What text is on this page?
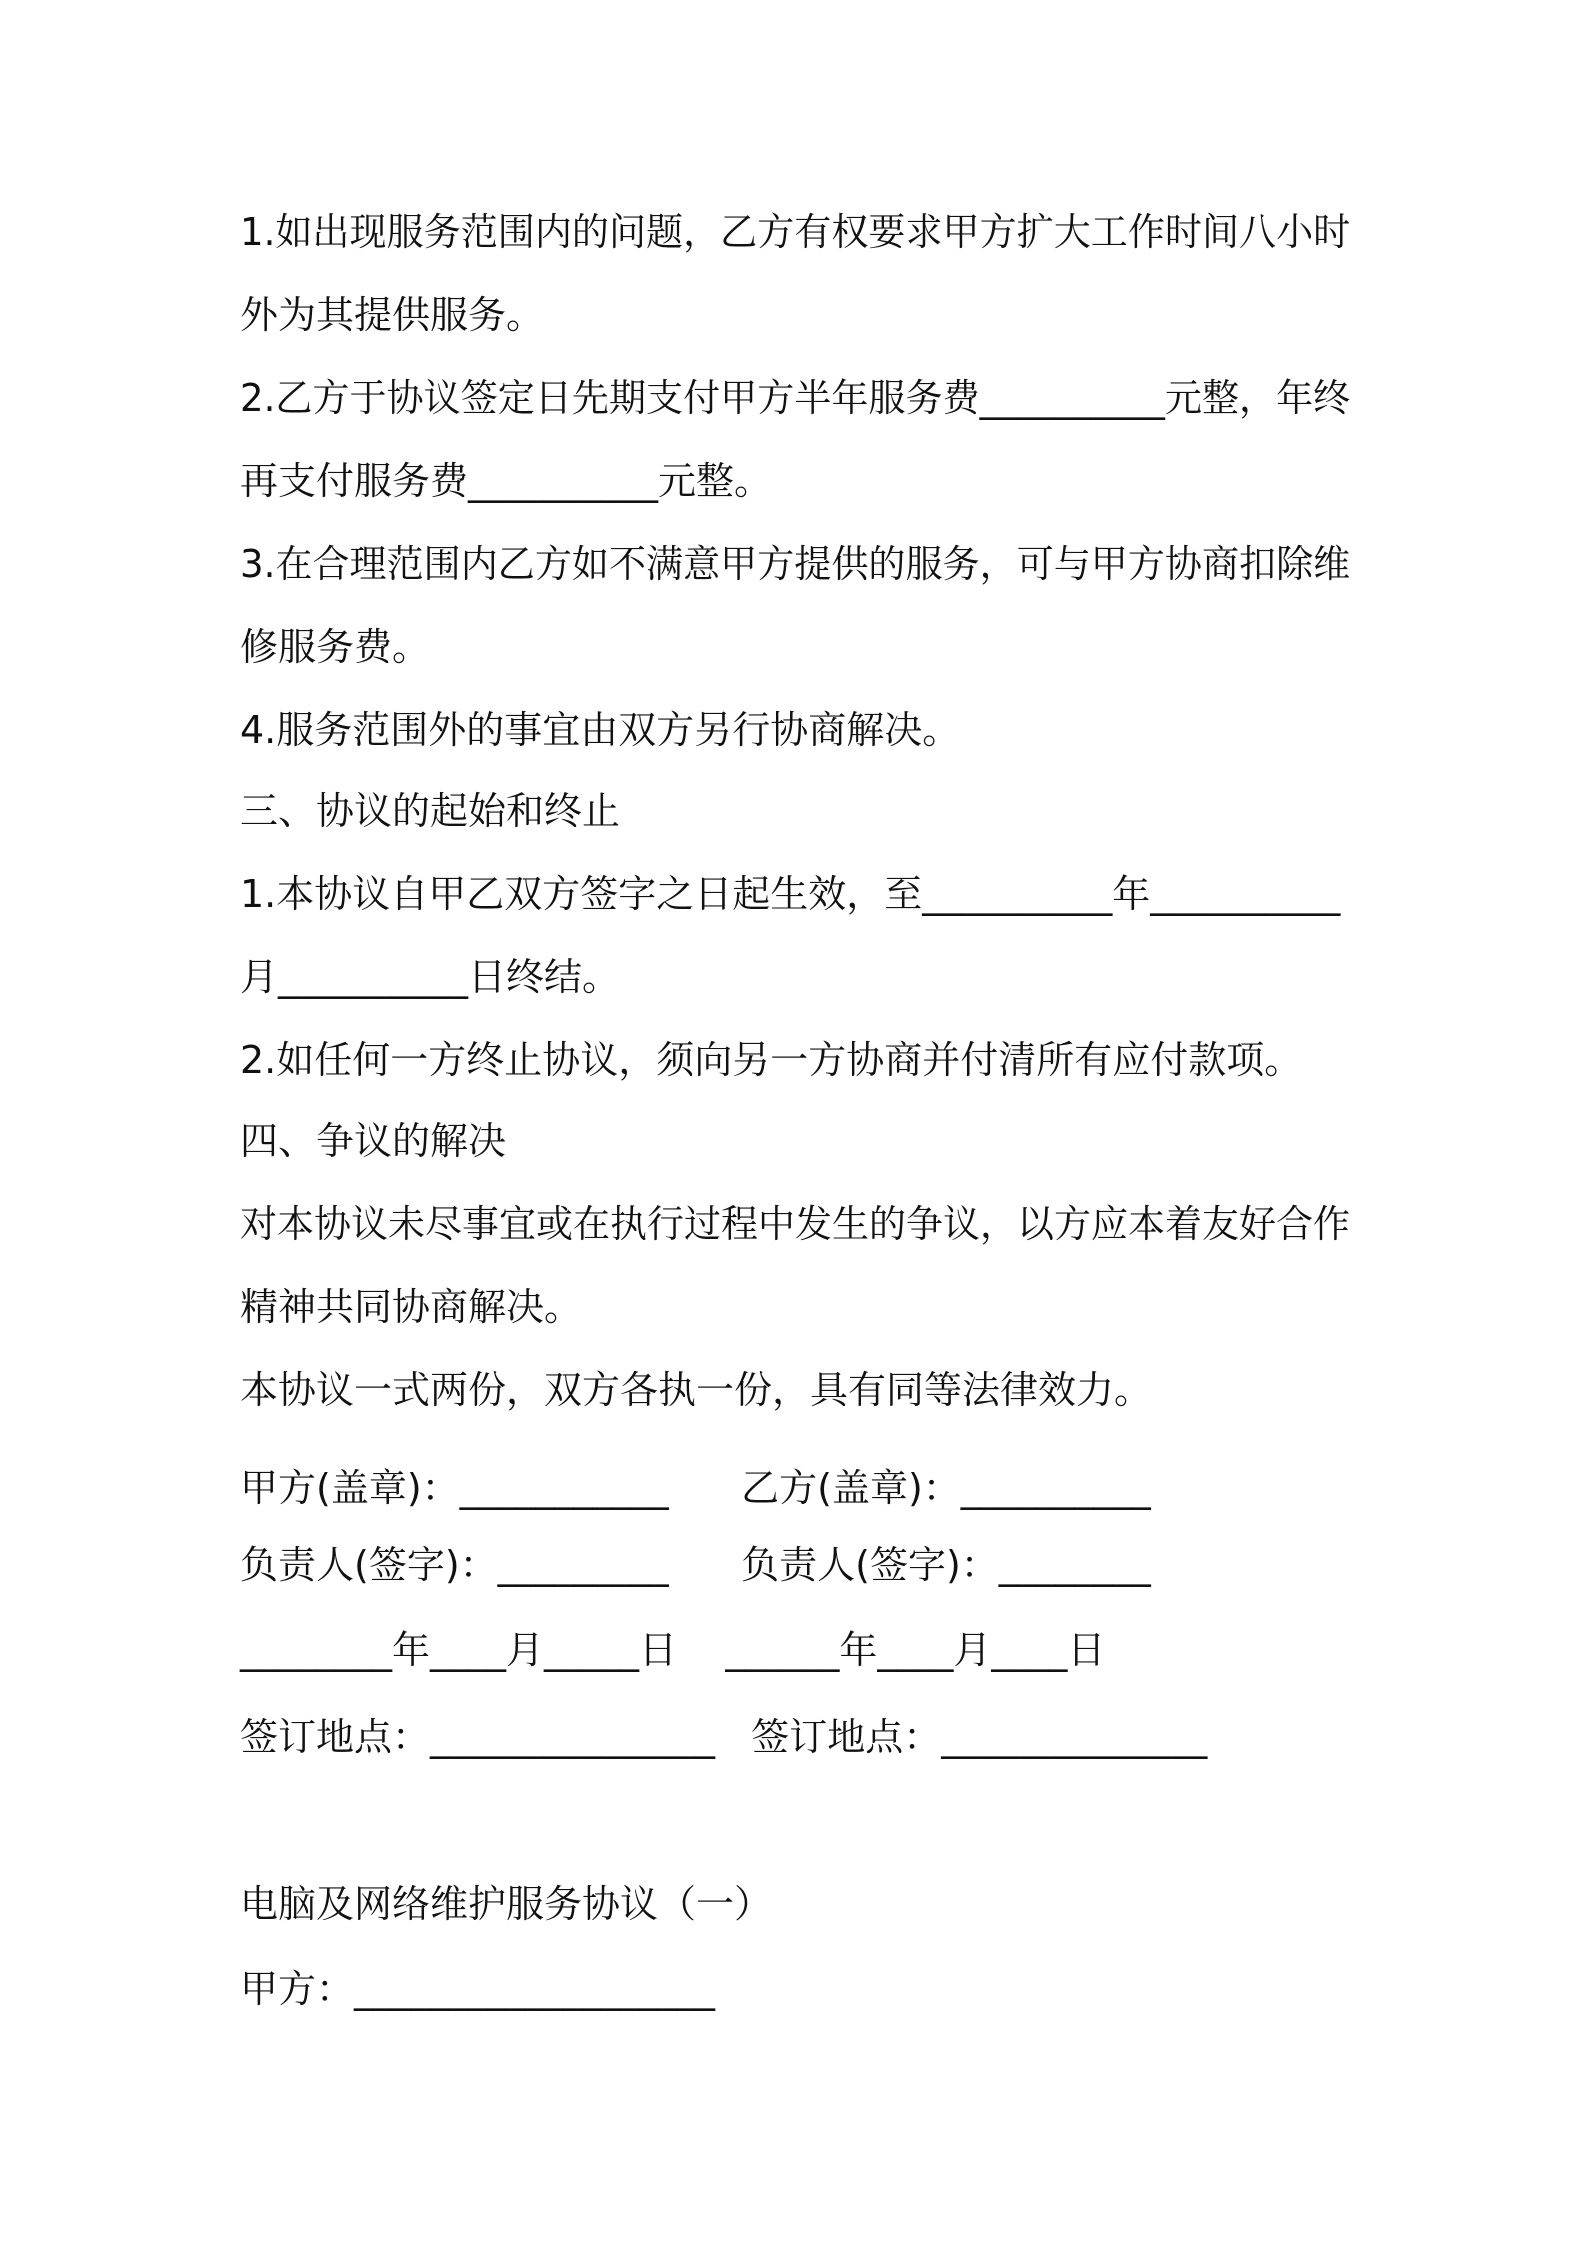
1.如出现服务范围内的问题，乙方有权要求甲方扩大工作时间八小时

外为其提供服务。

2.乙方于协议签定日先期支付甲方半年服务费__________元整，年终

再支付服务费__________元整。

3.在合理范围内乙方如不满意甲方提供的服务，可与甲方协商扣除维

修服务费。

4.服务范围外的事宜由双方另行协商解决。

三、协议的起始和终止

1.本协议自甲乙双方签字之日起生效，至__________年__________

月__________日终结。

2.如任何一方终止协议，须向另一方协商并付清所有应付款项。

四、争议的解决

对本协议未尽事宜或在执行过程中发生的争议，以方应本着友好合作

精神共同协商解决。

本协议一式两份，双方各执一份，具有同等法律效力。

甲方(盖章)：___________      乙方(盖章)：__________

负责人(签字)：_________      负责人(签字)：________

________年____月_____日    ______年____月____日

签订地点：_______________   签订地点：______________

电脑及网络维护服务协议（一）

甲方：___________________
